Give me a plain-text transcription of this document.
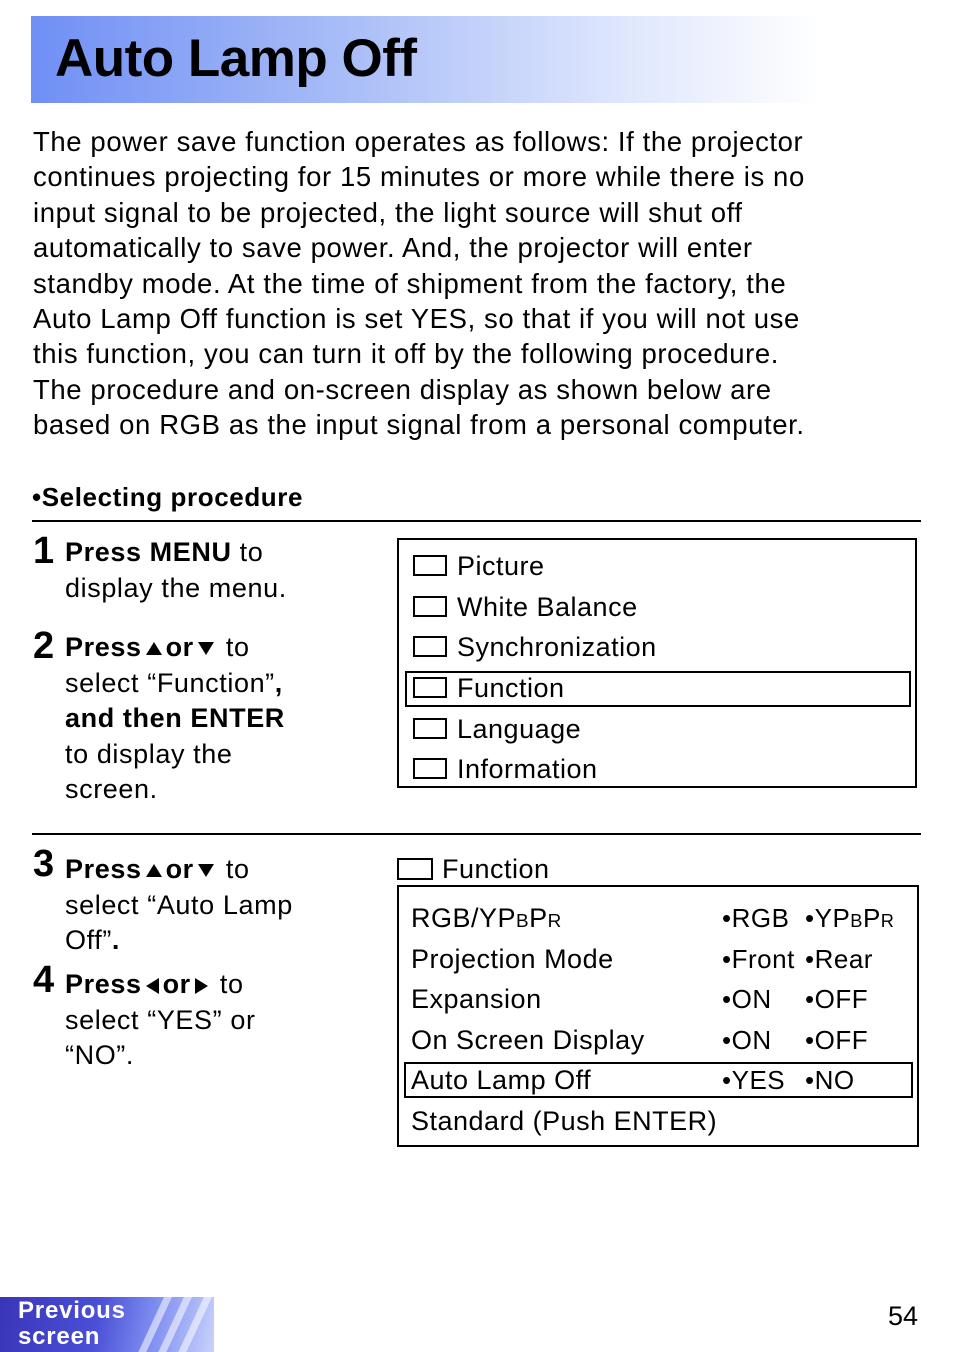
Auto Lamp Off
The power save function operates as follows: If the projector
continues projecting for 15 minutes or more while there is no
input signal to be projected, the light source will shut off
automatically to save power. And, the projector will enter
standby mode. At the time of shipment from the factory, the
Auto Lamp Off function is set YES, so that if you will not use
this function, you can turn it off by the following procedure.
The procedure and on-screen display as shown below are
based on RGB as the input signal from a personal computer.
•Selecting procedure
1 Press MENU to
display the menu.
2 Press or to
select “Function”,
and then ENTER
to display the
screen.
Picture
White Balance
Synchronization
Function
Language
Information
3 Press or to
select “Auto Lamp
Off”.
4 Press or to
select “YES” or
“NO”.
Function
RGB/YPBPR	•RGB •YPBPR
Projection Mode	•Front •Rear
Expansion	•ON •OFF
On Screen Display	•ON •OFF
Auto Lamp Off	•YES •NO
Standard (Push ENTER)
Previous
screen
54
